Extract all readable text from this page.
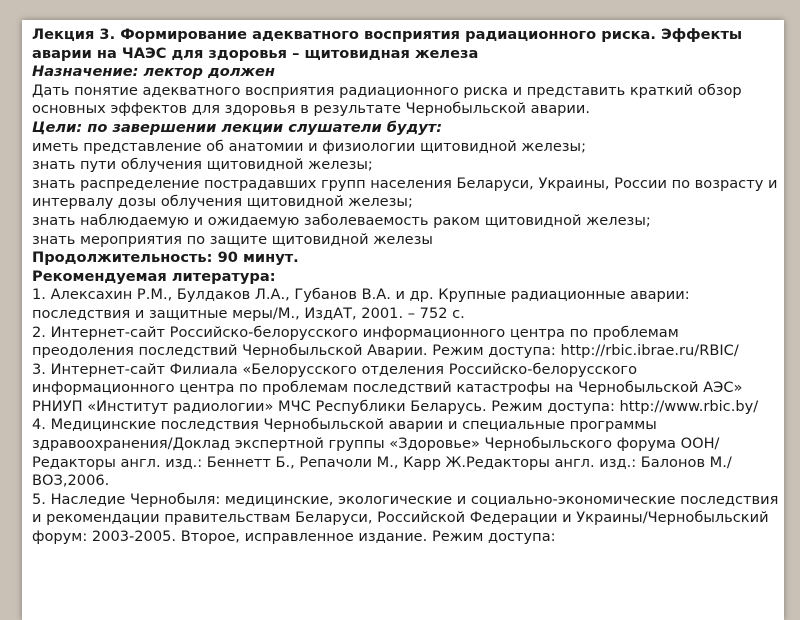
Лекция 3. Формирование адекватного восприятия радиационного риска. Эффекты аварии на ЧАЭС для здоровья – щитовидная железа
Назначение: лектор должен
Дать понятие адекватного восприятия радиационного риска и представить краткий обзор основных эффектов для здоровья в результате Чернобыльской аварии.
Цели: по завершении лекции слушатели будут:
иметь представление об анатомии и физиологии щитовидной железы;
знать пути облучения щитовидной железы;
знать распределение пострадавших групп населения Беларуси, Украины, России по возрасту и интервалу дозы облучения щитовидной железы;
знать наблюдаемую и ожидаемую заболеваемость раком щитовидной железы;
знать мероприятия по защите щитовидной железы
Продолжительность: 90 минут.
Рекомендуемая литература:
1. Алексахин Р.М., Булдаков Л.А., Губанов В.А. и др. Крупные радиационные аварии: последствия и защитные меры/М., ИздАТ, 2001. – 752 с.
2. Интернет-сайт Российско-белорусского информационного центра по проблемам преодоления последствий Чернобыльской Аварии. Режим доступа: http://rbic.ibrae.ru/RBIC/
3. Интернет-сайт Филиала «Белорусского отделения Российско-белорусского информационного центра по проблемам последствий катастрофы на Чернобыльской АЭС» РНИУП «Институт радиологии» МЧС Республики Беларусь. Режим доступа: http://www.rbic.by/
4. Медицинские последствия Чернобыльской аварии и специальные программы здравоохранения/Доклад экспертной группы «Здоровье» Чернобыльского форума ООН/Редакторы англ. изд.: Беннетт Б., Репачоли М., Карр Ж.Редакторы англ. изд.: Балонов М./ВОЗ,2006.
5. Наследие Чернобыля: медицинские, экологические и социально-экономические последствия и рекомендации правительствам Беларуси, Российской Федерации и Украины/Чернобыльский форум: 2003-2005. Второе, исправленное издание. Режим доступа:
